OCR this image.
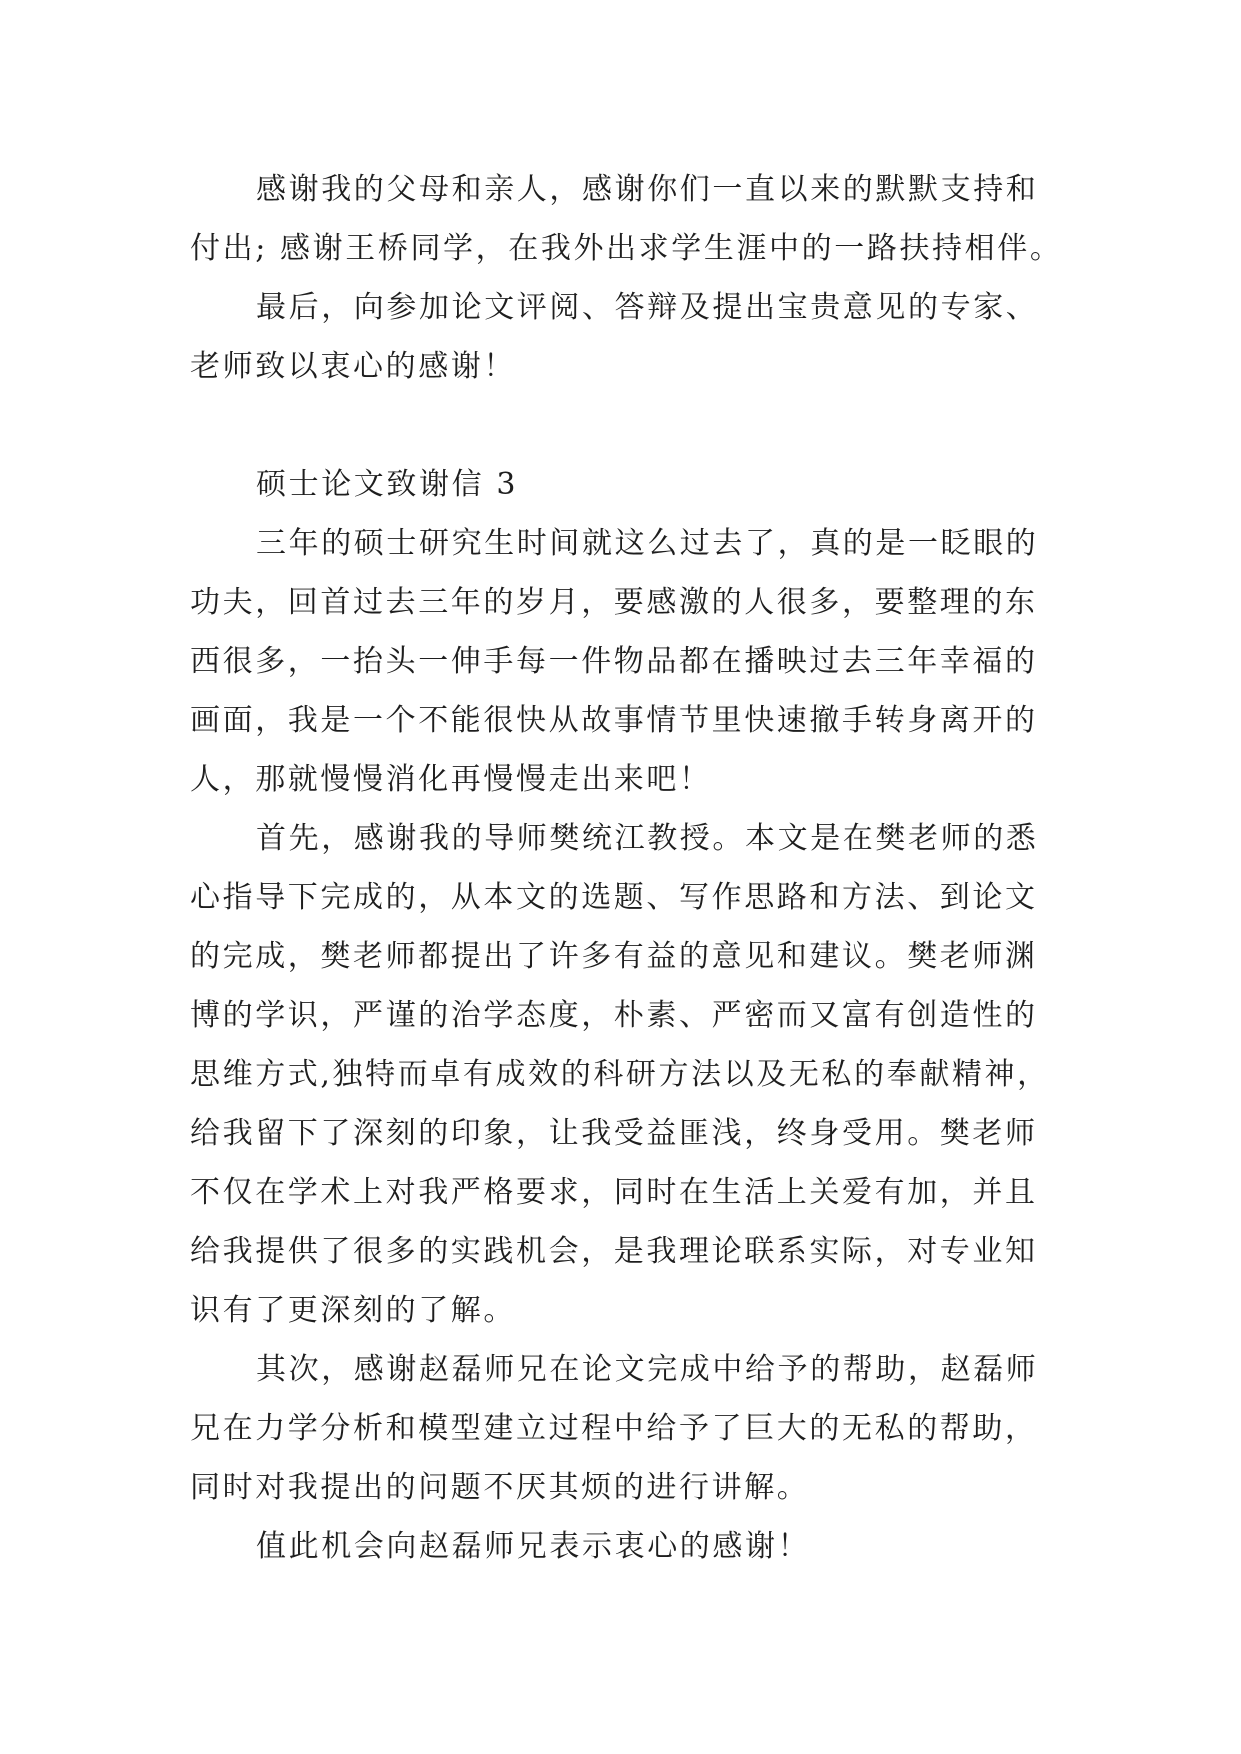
感谢我的父母和亲人，感谢你们一直以来的默默支持和
付出; 感谢王桥同学，在我外出求学生涯中的一路扶持相伴。
最后，向参加论文评阅、答辩及提出宝贵意见的专家、
老师致以衷心的感谢！
硕士论文致谢信 3
三年的硕士研究生时间就这么过去了，真的是一眨眼的
功夫，回首过去三年的岁月，要感激的人很多，要整理的东
西很多，一抬头一伸手每一件物品都在播映过去三年幸福的
画面，我是一个不能很快从故事情节里快速撤手转身离开的
人，那就慢慢消化再慢慢走出来吧！
首先，感谢我的导师樊统江教授。本文是在樊老师的悉
心指导下完成的，从本文的选题、写作思路和方法、到论文
的完成，樊老师都提出了许多有益的意见和建议。樊老师渊
博的学识，严谨的治学态度，朴素、严密而又富有创造性的
思维方式,独特而卓有成效的科研方法以及无私的奉献精神，
给我留下了深刻的印象，让我受益匪浅，终身受用。樊老师
不仅在学术上对我严格要求，同时在生活上关爱有加，并且
给我提供了很多的实践机会，是我理论联系实际，对专业知
识有了更深刻的了解。
其次，感谢赵磊师兄在论文完成中给予的帮助，赵磊师
兄在力学分析和模型建立过程中给予了巨大的无私的帮助，
同时对我提出的问题不厌其烦的进行讲解。
值此机会向赵磊师兄表示衷心的感谢！
